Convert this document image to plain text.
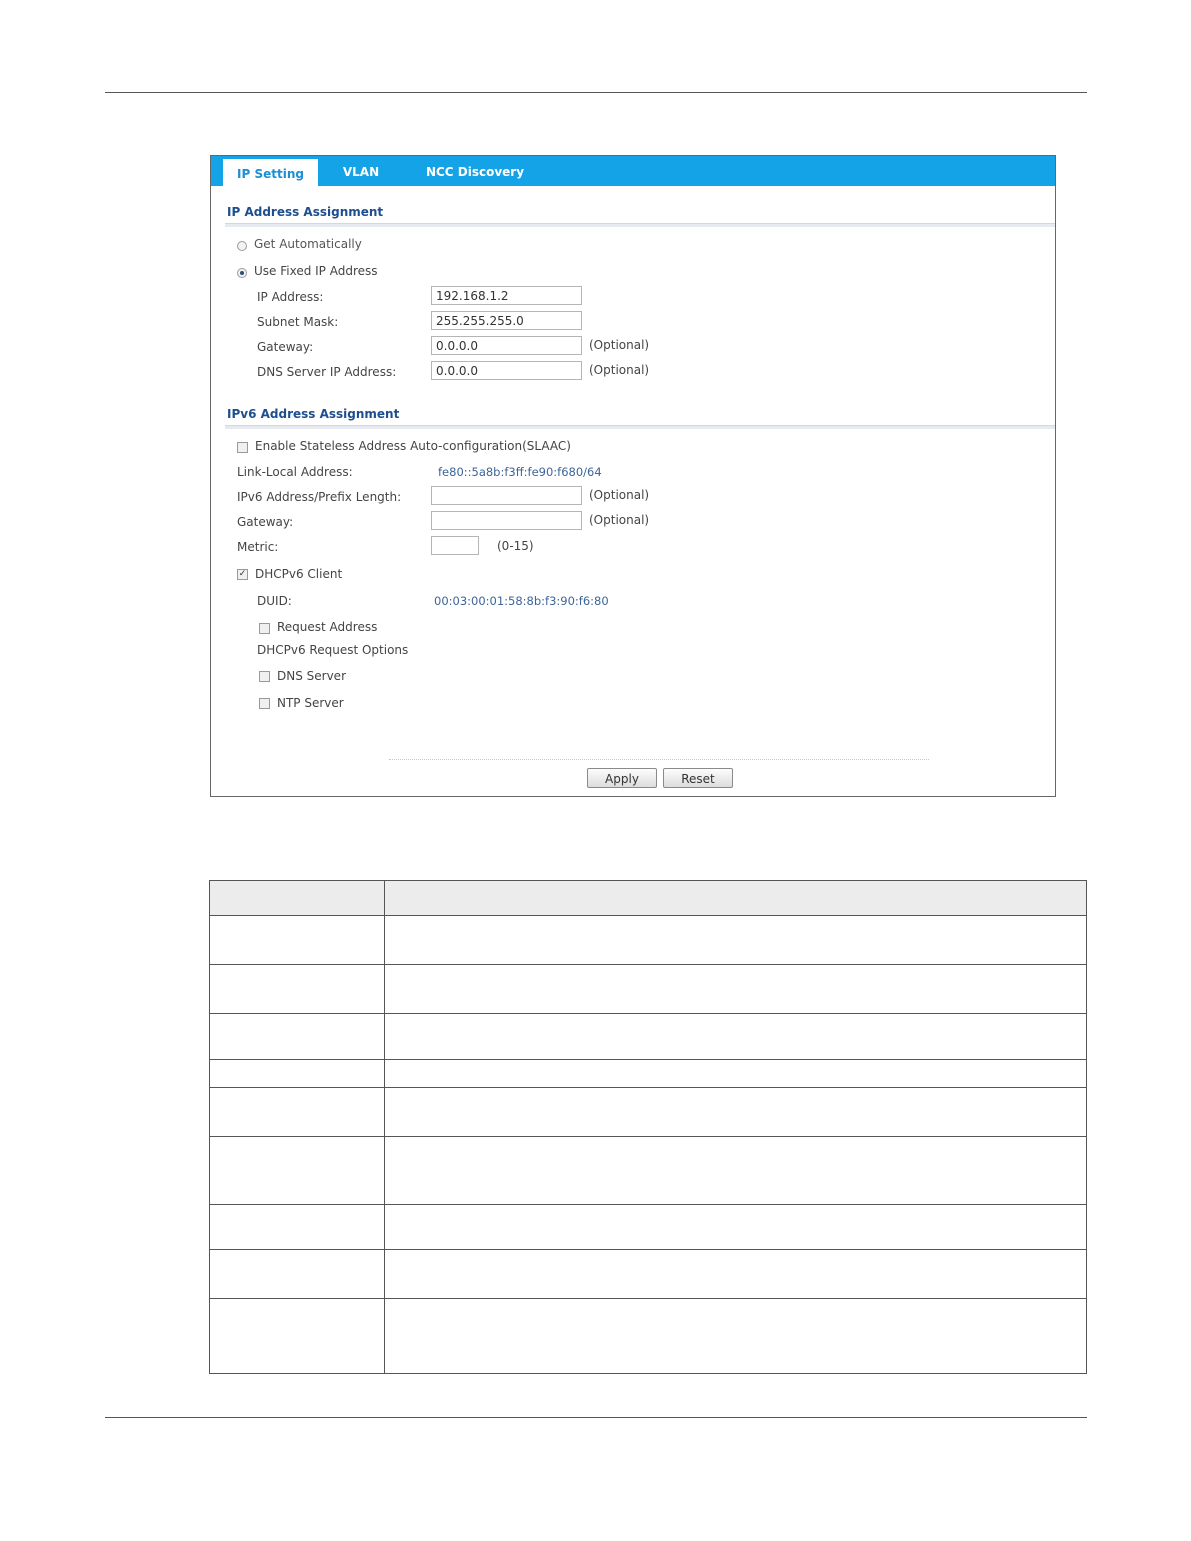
IP Setting	VLAN	NCC Discovery
IP Address Assignment
Get Automatically
Use Fixed IP Address
IP Address:
192.168.1.2
Subnet Mask:
255.255.255.0
Gateway:
0.0.0.0	(Optional)
DNS Server IP Address:
0.0.0.0	(Optional)
IPv6 Address Assignment
Enable Stateless Address Auto-configuration(SLAAC)
Link-Local Address:	fe80::5a8b:f3ff:fe90:f680/64
IPv6 Address/Prefix Length:	(Optional)
Gateway:	(Optional)
Metric:	(0-15)
✓ DHCPv6 Client
DUID:	00:03:00:01:58:8b:f3:90:f6:80
Request Address
DHCPv6 Request Options
DNS Server
NTP Server
Apply	Reset
